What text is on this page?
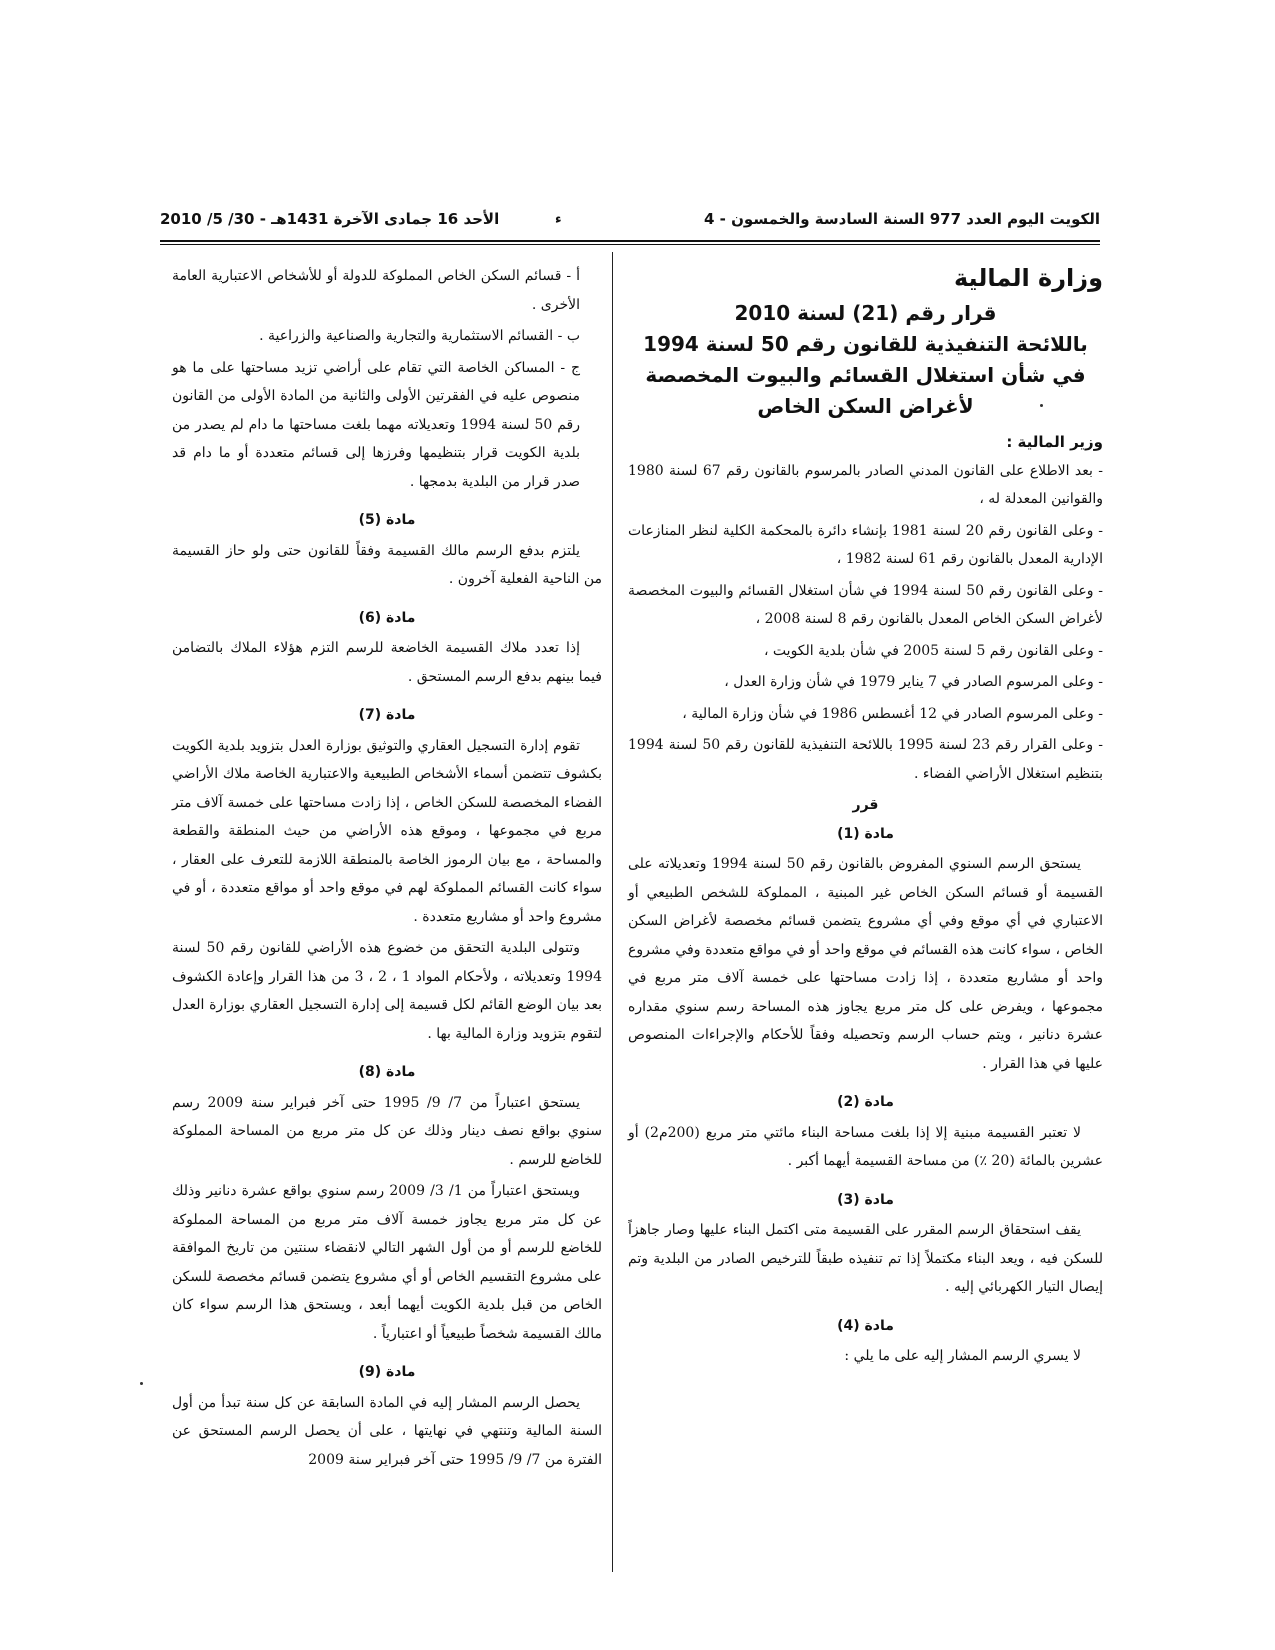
الكويت اليوم العدد 977 السنة السادسة والخمسون - 4
ء
الأحد 16 جمادى الآخرة 1431هـ - 30/ 5/ 2010
وزارة المالية
قرار رقم (21) لسنة 2010
باللائحة التنفيذية للقانون رقم 50 لسنة 1994
في شأن استغلال القسائم والبيوت المخصصة
لأغراض السكن الخاص
وزير المالية :

- بعد الاطلاع على القانون المدني الصادر بالمرسوم بالقانون رقم 67 لسنة 1980 والقوانين المعدلة له ،

- وعلى القانون رقم 20 لسنة 1981 بإنشاء دائرة بالمحكمة الكلية لنظر المنازعات الإدارية المعدل بالقانون رقم 61 لسنة 1982 ،

- وعلى القانون رقم 50 لسنة 1994 في شأن استغلال القسائم والبيوت المخصصة لأغراض السكن الخاص المعدل بالقانون رقم 8 لسنة 2008 ،

- وعلى القانون رقم 5 لسنة 2005 في شأن بلدية الكويت ،

- وعلى المرسوم الصادر في 7 يناير 1979 في شأن وزارة العدل ،

- وعلى المرسوم الصادر في 12 أغسطس 1986 في شأن وزارة المالية ،

- وعلى القرار رقم 23 لسنة 1995 باللائحة التنفيذية للقانون رقم 50 لسنة 1994 بتنظيم استغلال الأراضي الفضاء .

قرر
مادة (1)

يستحق الرسم السنوي المفروض بالقانون رقم 50 لسنة 1994 وتعديلاته على القسيمة أو قسائم السكن الخاص غير المبنية ، المملوكة للشخص الطبيعي أو الاعتباري في أي موقع وفي أي مشروع يتضمن قسائم مخصصة لأغراض السكن الخاص ، سواء كانت هذه القسائم في موقع واحد أو في مواقع متعددة وفي مشروع واحد أو مشاريع متعددة ، إذا زادت مساحتها على خمسة آلاف متر مربع في مجموعها ، ويفرض على كل متر مربع يجاوز هذه المساحة رسم سنوي مقداره عشرة دنانير ، ويتم حساب الرسم وتحصيله وفقاً للأحكام والإجراءات المنصوص عليها في هذا القرار .

مادة (2)

لا تعتبر القسيمة مبنية إلا إذا بلغت مساحة البناء مائتي متر مربع (200م2) أو عشرين بالمائة (20 ٪) من مساحة القسيمة أيهما أكبر .

مادة (3)

يقف استحقاق الرسم المقرر على القسيمة متى اكتمل البناء عليها وصار جاهزاً للسكن فيه ، ويعد البناء مكتملاً إذا تم تنفيذه طبقاً للترخيص الصادر من البلدية وتم إيصال التيار الكهربائي إليه .

مادة (4)

لا يسري الرسم المشار إليه على ما يلي :

أ - قسائم السكن الخاص المملوكة للدولة أو للأشخاص الاعتبارية العامة الأخرى .

ب - القسائم الاستثمارية والتجارية والصناعية والزراعية .

ج - المساكن الخاصة التي تقام على أراضي تزيد مساحتها على ما هو منصوص عليه في الفقرتين الأولى والثانية من المادة الأولى من القانون رقم 50 لسنة 1994 وتعديلاته مهما بلغت مساحتها ما دام لم يصدر من بلدية الكويت قرار بتنظيمها وفرزها إلى قسائم متعددة أو ما دام قد صدر قرار من البلدية بدمجها .

مادة (5)

يلتزم بدفع الرسم مالك القسيمة وفقاً للقانون حتى ولو حاز القسيمة من الناحية الفعلية آخرون .

مادة (6)

إذا تعدد ملاك القسيمة الخاضعة للرسم التزم هؤلاء الملاك بالتضامن فيما بينهم بدفع الرسم المستحق .

مادة (7)

تقوم إدارة التسجيل العقاري والتوثيق بوزارة العدل بتزويد بلدية الكويت بكشوف تتضمن أسماء الأشخاص الطبيعية والاعتبارية الخاصة ملاك الأراضي الفضاء المخصصة للسكن الخاص ، إذا زادت مساحتها على خمسة آلاف متر مربع في مجموعها ، وموقع هذه الأراضي من حيث المنطقة والقطعة والمساحة ، مع بيان الرموز الخاصة بالمنطقة اللازمة للتعرف على العقار ، سواء كانت القسائم المملوكة لهم في موقع واحد أو مواقع متعددة ، أو في مشروع واحد أو مشاريع متعددة .

وتتولى البلدية التحقق من خضوع هذه الأراضي للقانون رقم 50 لسنة 1994 وتعديلاته ، ولأحكام المواد 1 ، 2 ، 3 من هذا القرار وإعادة الكشوف بعد بيان الوضع القائم لكل قسيمة إلى إدارة التسجيل العقاري بوزارة العدل لتقوم بتزويد وزارة المالية بها .

مادة (8)

يستحق اعتباراً من 7/ 9/ 1995 حتى آخر فبراير سنة 2009 رسم سنوي بواقع نصف دينار وذلك عن كل متر مربع من المساحة المملوكة للخاضع للرسم .

ويستحق اعتباراً من 1/ 3/ 2009 رسم سنوي بواقع عشرة دنانير وذلك عن كل متر مربع يجاوز خمسة آلاف متر مربع من المساحة المملوكة للخاضع للرسم أو من أول الشهر التالي لانقضاء سنتين من تاريخ الموافقة على مشروع التقسيم الخاص أو أي مشروع يتضمن قسائم مخصصة للسكن الخاص من قبل بلدية الكويت أيهما أبعد ، ويستحق هذا الرسم سواء كان مالك القسيمة شخصاً طبيعياً أو اعتبارياً .

مادة (9)

يحصل الرسم المشار إليه في المادة السابقة عن كل سنة تبدأ من أول السنة المالية وتنتهي في نهايتها ، على أن يحصل الرسم المستحق عن الفترة من 7/ 9/ 1995 حتى آخر فبراير سنة 2009
